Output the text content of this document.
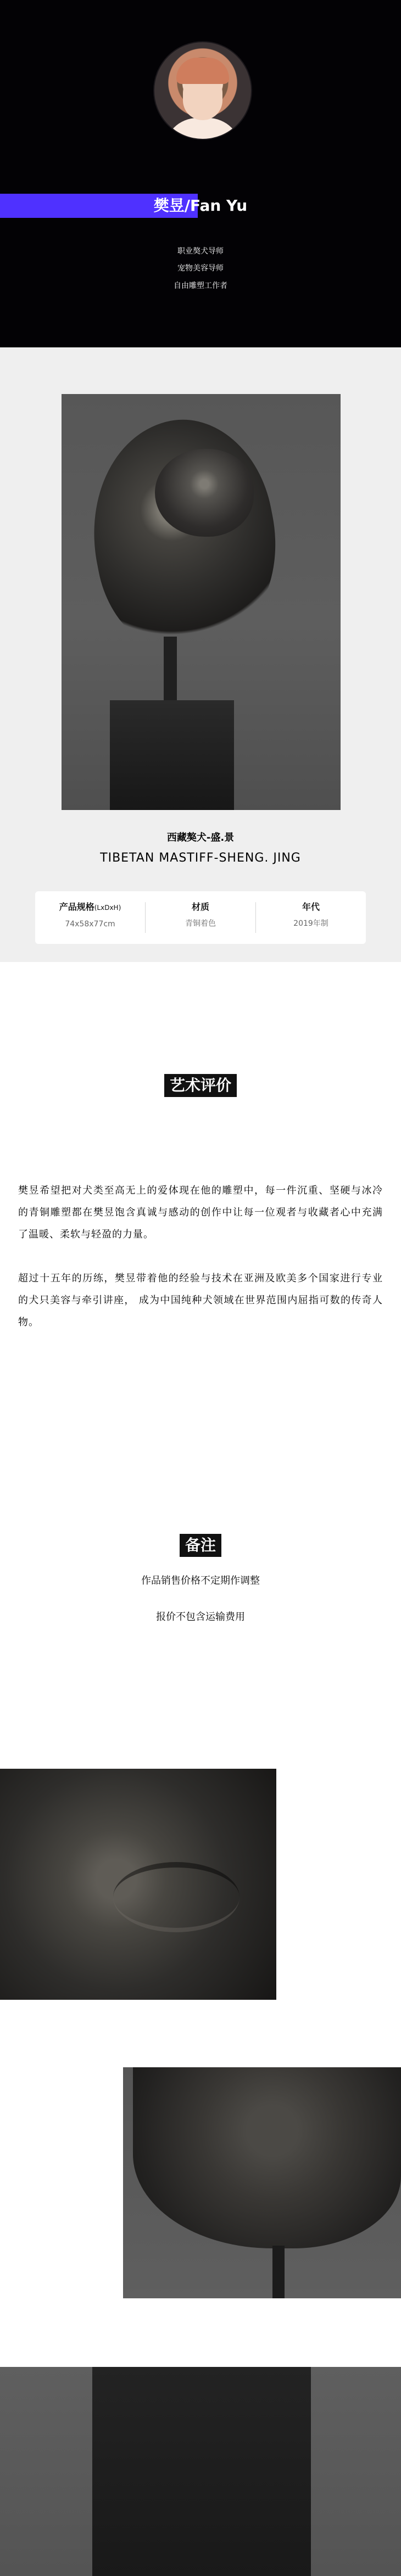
樊昱/Fan Yu
职业獒犬导师
宠物美容导师
自由雕塑工作者
西藏獒犬-盛.景
TIBETAN MASTIFF-SHENG. JING
产品规格(LxDxH)
74x58x77cm
材质
青铜着色
年代
2019年制
艺术评价

樊昱希望把对犬类至高无上的爱体现在他的雕塑中，每一件沉重、坚硬与冰冷的青铜雕塑都在樊昱饱含真诚与感动的创作中让每一位观者与收藏者心中充满了温暖、柔软与轻盈的力量。

超过十五年的历练，樊昱带着他的经验与技术在亚洲及欧美多个国家进行专业的犬只美容与牵引讲座， 成为中国纯种犬领域在世界范围内屈指可数的传奇人物。

备注
作品销售价格不定期作调整
报价不包含运输费用
